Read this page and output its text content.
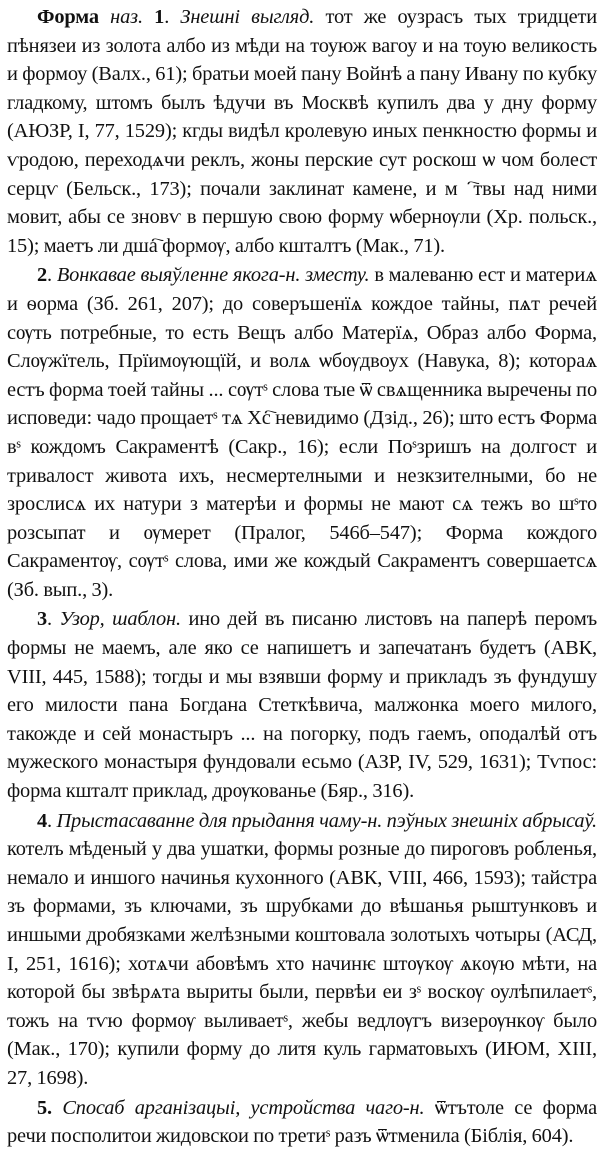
Форма наз. 1. Знешні выгляд. тот же оузрасъ тых тридцети пѣнязеи из золота албо из мѣди на тоуюж вагоу и на тоую великость и формоу (Валх., 61); братьи моей пану Войнѣ а пану Ивану по кубку гладкому, штомъ былъ ѣдучи въ Москвѣ купилъ два у дну форму (АЮЗР, I, 77, 1529); кгды видѣл кролевую иных пенкностю формы и ѵродою, переходѧчи реклъ, жоны перские сут роскош ѡ чом болест серцѵ (Бельск., 173); почали заклинат камене, и мⷧ҇твы над ними мовит, абы се зновѵ в першую свою форму ѡбернѹли (Хр. польск., 15); маетъ ли дша҇ формѹ, албо кшталтъ (Мак., 71).

2. Вонкавае выяўленне якога-н. зместу. в малеваню ест и материѧ и ѳорма (Зб. 261, 207); до соверъшенїѧ кождое тайны, пѧт речей сѹть потребные, то есть Вещъ албо Матерїѧ, Образ албо Форма, Слѹжїтель, Прїимѹющїй, и волѧ ѡбѹдвоух (Навука, 8); котораѧ естъ форма тоей тайны ... сѹтˢ слова тые ѿ свѧщенника выречены по исповеди: чадо прощаетˢ тѧ Хс҇ невидимо (Дзід., 26); што естъ Форма вˢ кождомъ Сакраментѣ (Сакр., 16); если Поˢзришъ на долгост и тривалост живота ихъ, несмертелными и незкзителными, бо не зрослисѧ их натури з матерѣи и формы не мают сѧ тежъ во шˢто розсыпат и ѹмерет (Пралог, 546б–547); Форма кождого Сакраментѹ, сѹтˢ слова, ими же кождый Сакраментъ совершаетсѧ (Зб. вып., 3).

3. Узор, шаблон. ино дей въ писаню листовъ на паперѣ перомъ формы не маемъ, але яко се напишетъ и запечатанъ будетъ (АВК, VIII, 445, 1588); тогды и мы взявши форму и прикладъ зъ фундушу его милости пана Богдана Стеткѣвича, малжонка моего милого, такожде и сей монастыръ ... на погорку, подъ гаемъ, оподалѣй отъ мужеского монастыря фундовали есьмо (АЗР, IV, 529, 1631); Тѵпос: форма кшталт приклад, дрѹкованье (Бяр., 316).

4. Прыстасаванне для прыдання чаму-н. пэўных знешніх абрысаў. котелъ мѣденый у два ушатки, формы розные до пироговъ робленья, немало и иншого начинья кухонного (АВК, VIII, 466, 1593); тайстра зъ формами, зъ ключами, зъ шрубками до вѣшанья рыштунковъ и иншыми дробязками желѣзными коштовала золотыхъ чотыры (АСД, I, 251, 1616); хотѧчи абовѣмъ хто начинѥ штѹкѹ ѧкѹю мѣти, на которой бы звѣрѧта выриты были, первѣи еи зˢ воскѹ оулѣпилаетˢ, тожъ на тѵю формѹ выливаетˢ, жебы ведлѹгъ визерѹнкѹ было (Мак., 170); купили форму до литя куль гарматовыхъ (ИЮМ, XIII, 27, 1698).

5. Спосаб арганізацыі, устройства чаго-н. ѿтътоле се форма речи посполитои жидовскои по третиˢ разъ ѿтменила (Біблія, 604).
